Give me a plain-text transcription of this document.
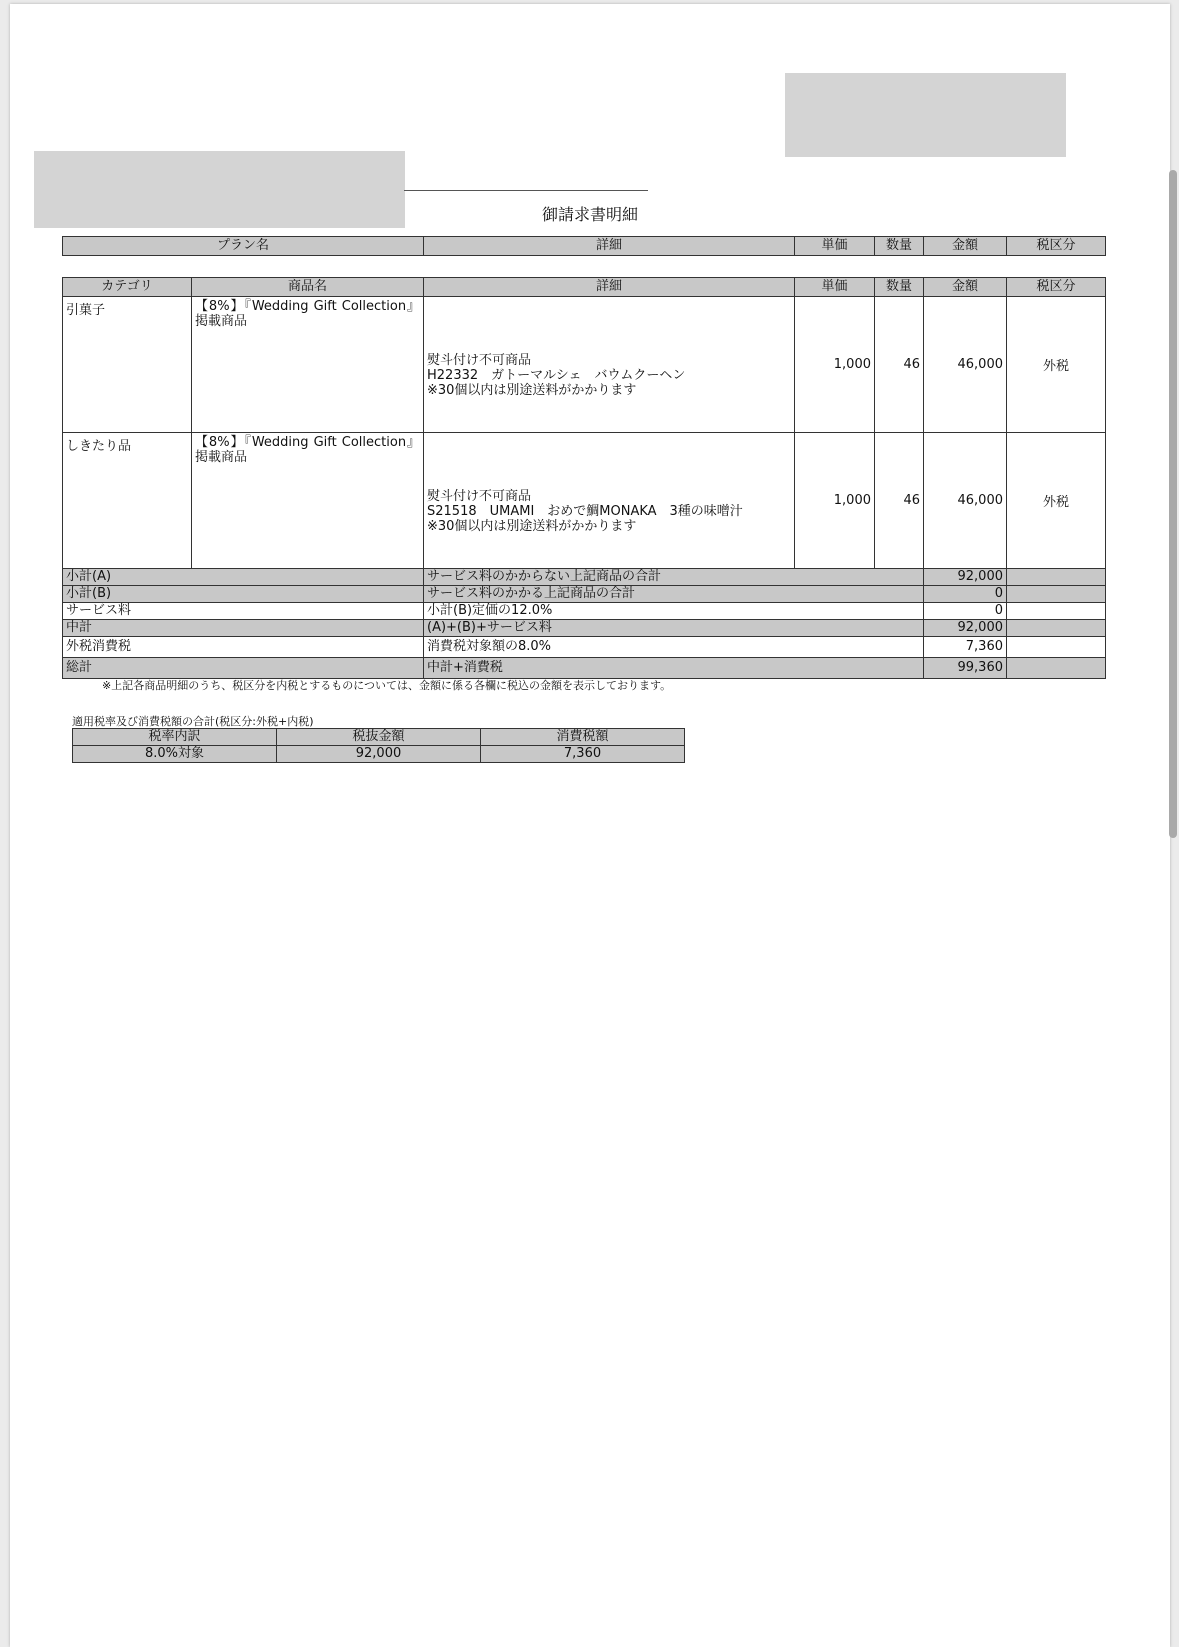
御請求書明細
プラン名	詳細	単価	数量	金額	税区分
カテゴリ	商品名	詳細	単価	数量	金額	税区分
引菓子	【8%】『Wedding Gift Collection』 掲載商品	熨斗付け不可商品
H22332　ガトーマルシェ　バウムクーヘン
※30個以内は別途送料がかかります	1,000	46	46,000	外税
しきたり品	【8%】『Wedding Gift Collection』 掲載商品	熨斗付け不可商品
S21518　UMAMI　おめで鯛MONAKA　3種の味噌汁
※30個以内は別途送料がかかります	1,000	46	46,000	外税
小計(A)		サービス料のかからない上記商品の合計			92,000	
小計(B)		サービス料のかかる上記商品の合計			0	
サービス料		小計(B)定価の12.0%			0	
中計		(A)+(B)+サービス料			92,000	
外税消費税		消費税対象額の8.0%			7,360	
総計		中計+消費税			99,360	
※上記各商品明細のうち、税区分を内税とするものについては、金額に係る各欄に税込の金額を表示しております。
適用税率及び消費税額の合計(税区分:外税+内税)
税率内訳	税抜金額	消費税額
8.0%対象	92,000	7,360
